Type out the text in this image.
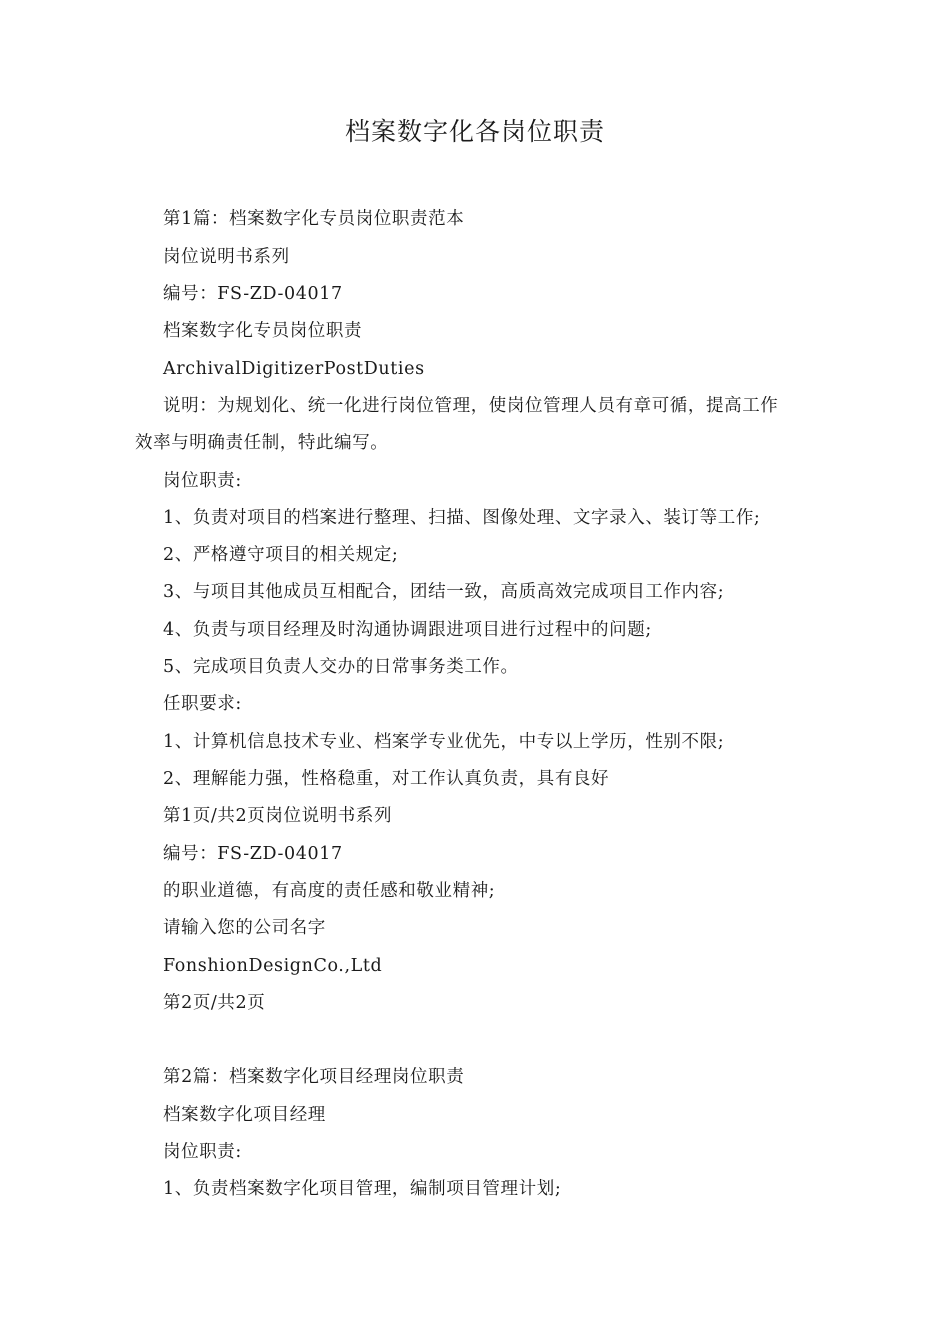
档案数字化各岗位职责
第1篇：档案数字化专员岗位职责范本
岗位说明书系列
编号：FS-ZD-04017
档案数字化专员岗位职责
ArchivalDigitizerPostDuties
说明：为规划化、统一化进行岗位管理，使岗位管理人员有章可循，提高工作
效率与明确责任制，特此编写。
岗位职责:
1、负责对项目的档案进行整理、扫描、图像处理、文字录入、装订等工作;
2、严格遵守项目的相关规定;
3、与项目其他成员互相配合，团结一致，高质高效完成项目工作内容;
4、负责与项目经理及时沟通协调跟进项目进行过程中的问题;
5、完成项目负责人交办的日常事务类工作。
任职要求:
1、计算机信息技术专业、档案学专业优先，中专以上学历，性别不限;
2、理解能力强，性格稳重，对工作认真负责，具有良好
第1页/共2页岗位说明书系列
编号：FS-ZD-04017
的职业道德，有高度的责任感和敬业精神;
请输入您的公司名字
FonshionDesignCo.,Ltd
第2页/共2页
第2篇：档案数字化项目经理岗位职责
档案数字化项目经理
岗位职责:
1、负责档案数字化项目管理，编制项目管理计划;
